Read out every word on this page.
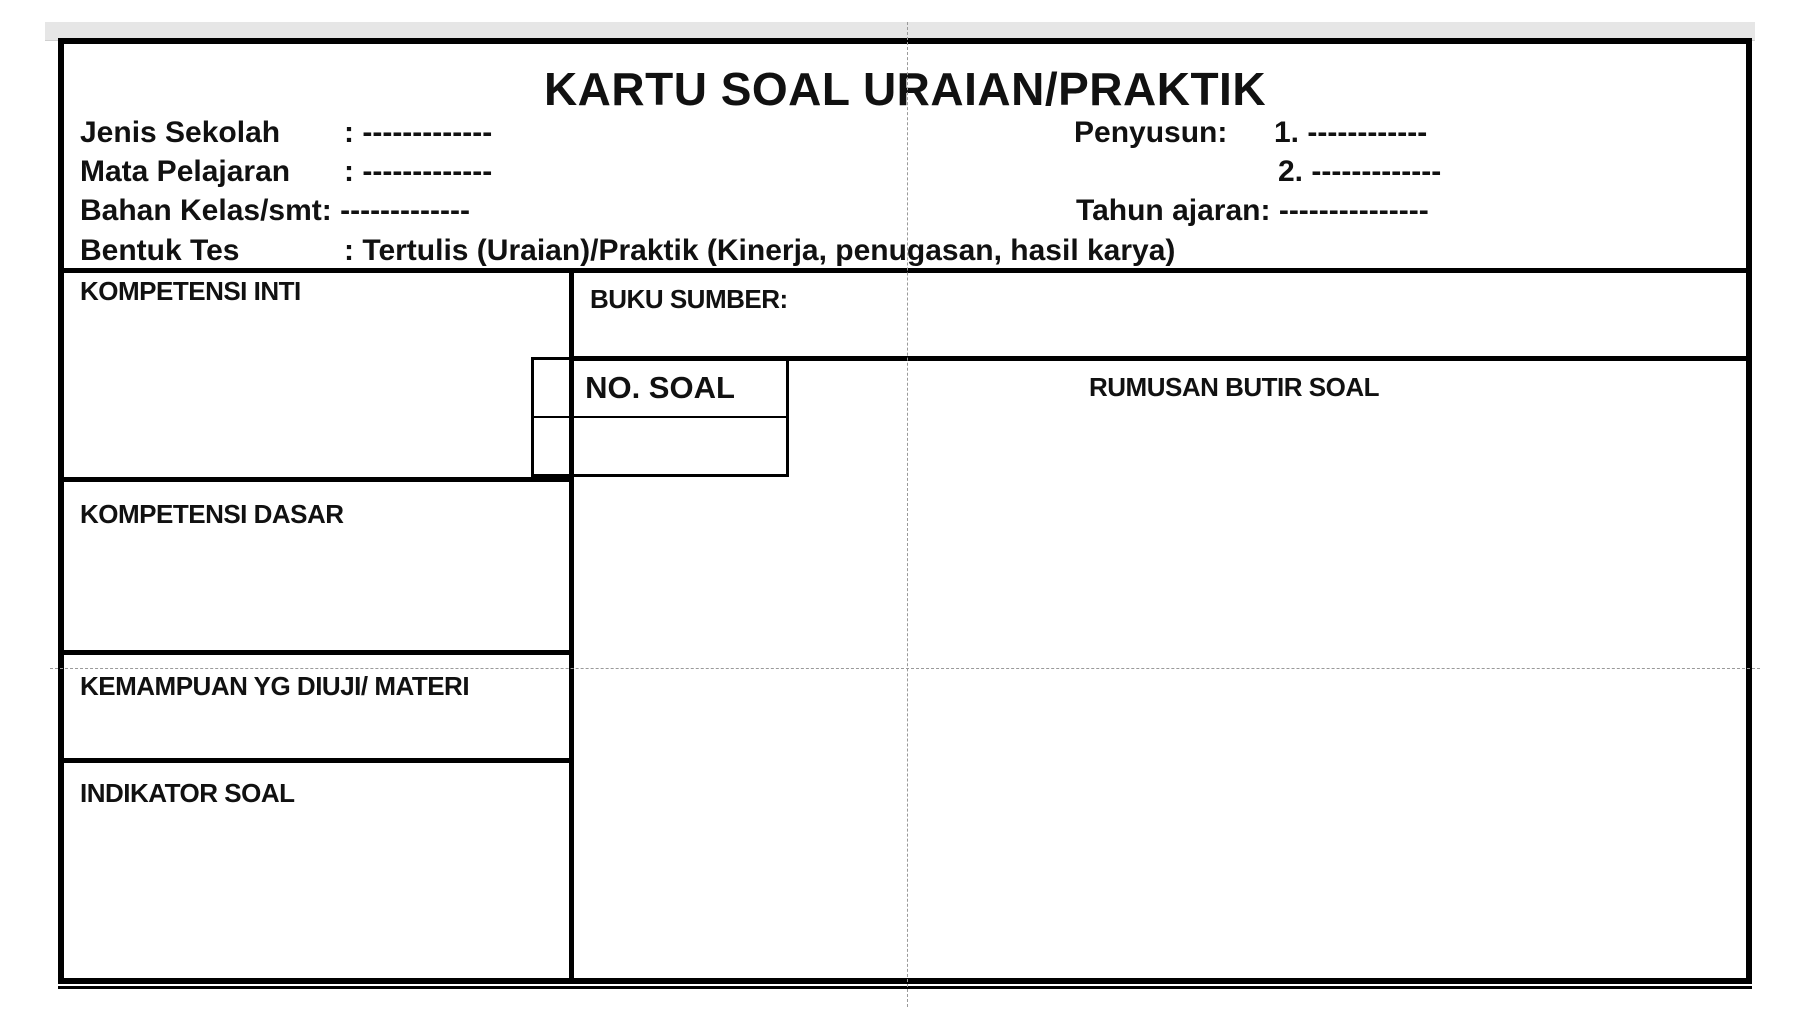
KARTU SOAL URAIAN/PRAKTIK
Jenis Sekolah : -------------
Mata Pelajaran : -------------
Bahan Kelas/smt: -------------
Bentuk Tes	: Tertulis (Uraian)/Praktik (Kinerja, penugasan, hasil karya)
Penyusun: 1. ------------
2. -------------
Tahun ajaran: ---------------
KOMPETENSI INTI
KOMPETENSI DASAR
KEMAMPUAN YG DIUJI/ MATERI
INDIKATOR SOAL
BUKU SUMBER:
RUMUSAN BUTIR SOAL
NO. SOAL
